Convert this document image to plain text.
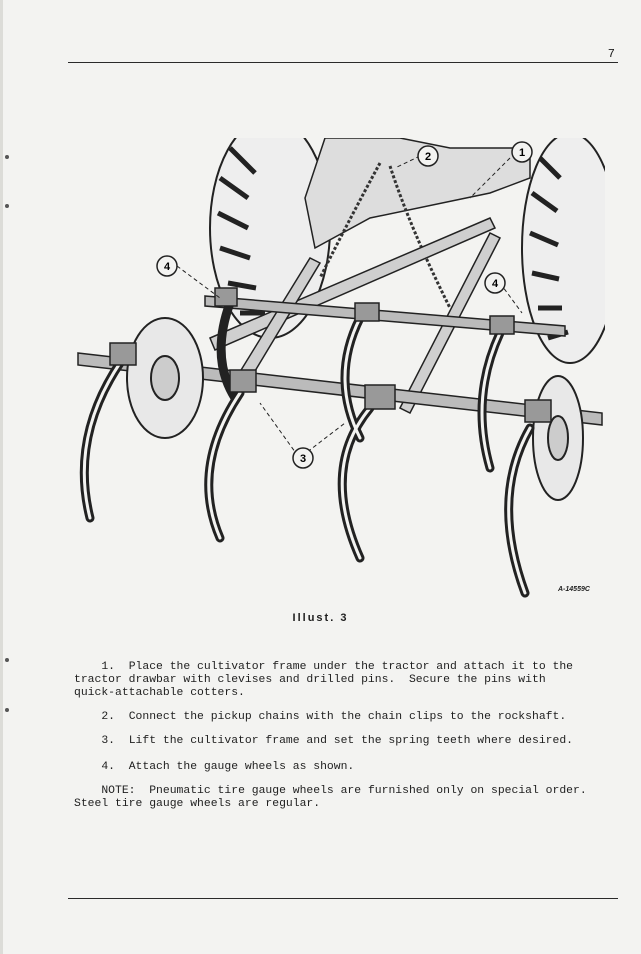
7
1
2
3
4
4
A-14559C
Illust. 3

1. Place the cultivator frame under the tractor and attach it to the
tractor drawbar with clevises and drilled pins.  Secure the pins with
quick-attachable cotters.

2. Connect the pickup chains with the chain clips to the rockshaft.

3. Lift the cultivator frame and set the spring teeth where desired.

4. Attach the gauge wheels as shown.

NOTE: Pneumatic tire gauge wheels are furnished only on special order.
Steel tire gauge wheels are regular.
